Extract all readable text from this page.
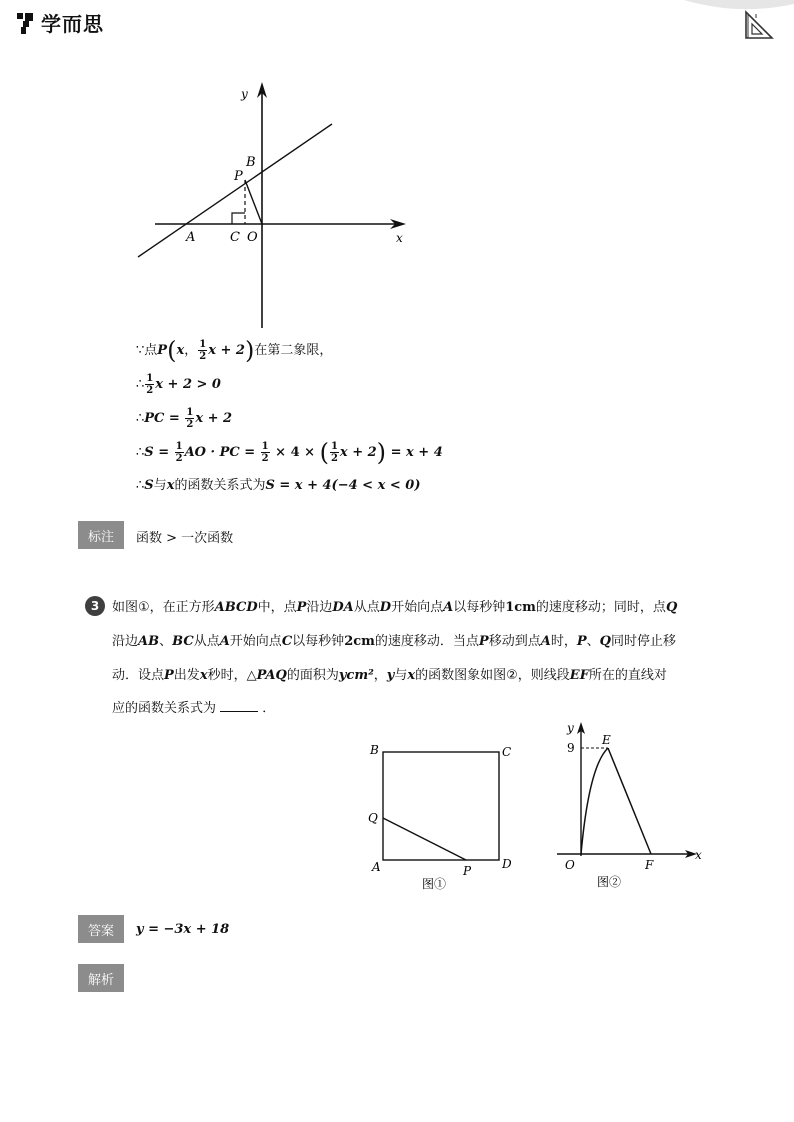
学而思
y
x
B
P
A	C O
∵点P(x， $\frac{1}{2}$ x + 2)在第二象限，
∴ $\frac{1}{2}$ x + 2 > 0
∴PC = $\frac{1}{2}$ x + 2
∴S = $\frac{1}{2}$ AO · PC = $\frac{1}{2} \times 4$ × ( $\frac{1}{2}$ x + 2) = x + 4
∴S与x的函数关系式为S = x + 4(−4 < x < 0)
标注	函数 > 一次函数
3 如图①，在正方形ABCD中，点P沿边DA从点D开始向点A以每秒钟1cm的速度移动；同时，点Q
沿边AB、BC从点A开始向点C以每秒钟2cm的速度移动．当点P移动到点A时，P、Q同时停止移
动．设点P出发x秒时，△PAQ的面积为ycm²，y与x的函数图象如图②，则线段EF所在的直线对
应的函数关系式为	．
B	C
Q
A	P	D
图①
y
9
E
O	F
x
图②
答案	y = −3x + 18
解析
